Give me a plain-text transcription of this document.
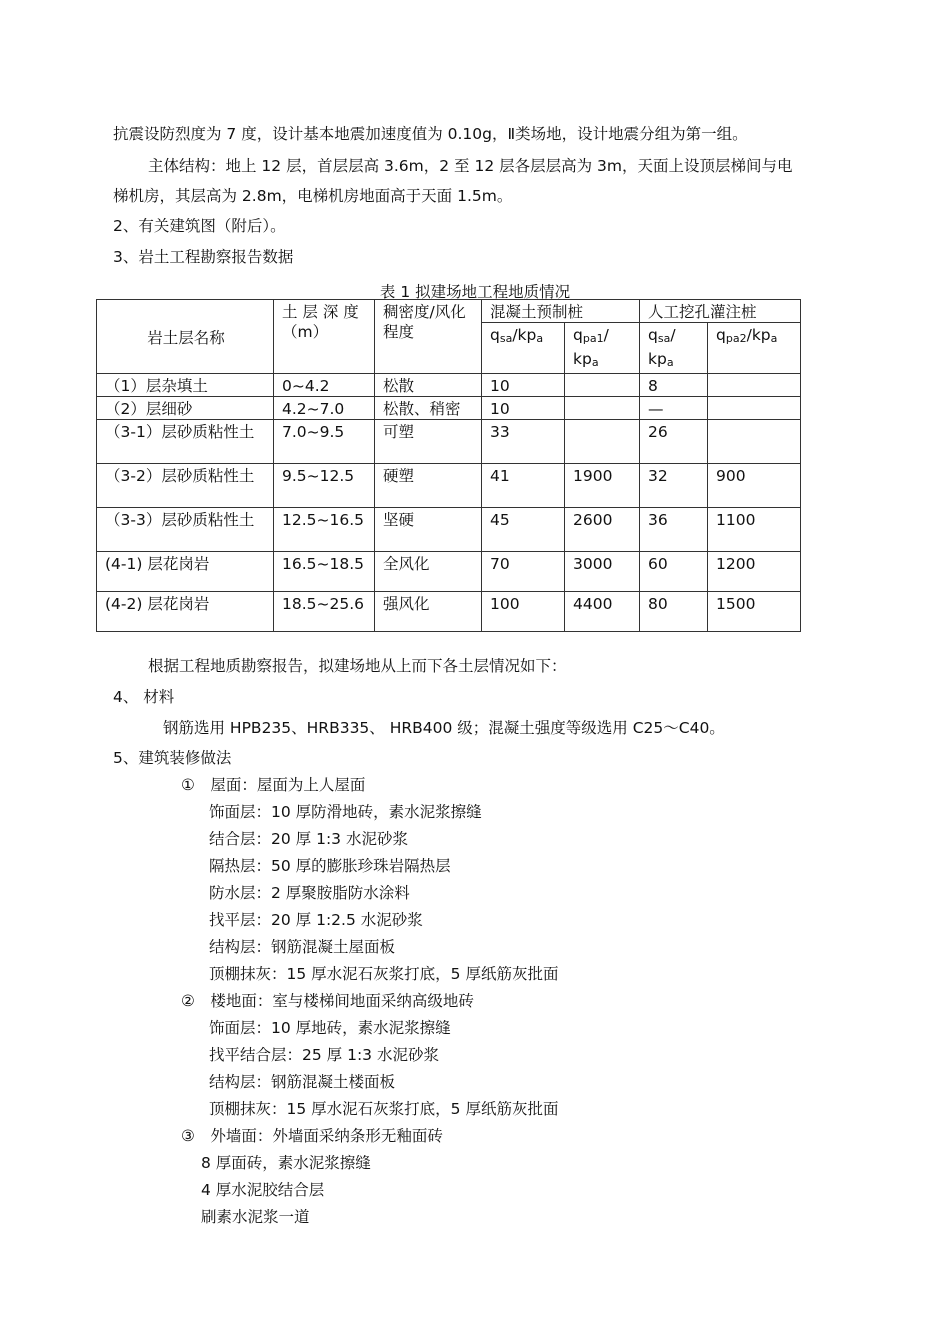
抗震设防烈度为 7 度，设计基本地震加速度值为 0.10g，Ⅱ类场地，设计地震分组为第一组。
主体结构：地上 12 层，首层层高 3.6m，2 至 12 层各层层高为 3m，天面上设顶层梯间与电
梯机房，其层高为 2.8m，电梯机房地面高于天面 1.5m。
2、有关建筑图（附后）。
3、岩土工程勘察报告数据
表 1 拟建场地工程地质情况
岩土层名称	土 层 深 度（m）	稠密度/风化程度	混凝土预制桩		人工挖孔灌注桩	
			qsa/kpa	qpa1/
kpa	qsa/
kpa	qpa2/kpa
（1）层杂填土	0~4.2	松散	10		8	
（2）层细砂	4.2~7.0	松散、稍密	10		—	
（3-1）层砂质粘性土	7.0~9.5	可塑	33		26	
（3-2）层砂质粘性土	9.5~12.5	硬塑	41	1900	32	900
（3-3）层砂质粘性土	12.5~16.5	坚硬	45	2600	36	1100
(4-1) 层花岗岩	16.5~18.5	全风化	70	3000	60	1200
(4-2) 层花岗岩	18.5~25.6	强风化	100	4400	80	1500
根据工程地质勘察报告，拟建场地从上而下各土层情况如下：
4、 材料
钢筋选用 HPB235、HRB335、 HRB400 级；混凝土强度等级选用 C25～C40。
5、建筑装修做法
①　屋面：屋面为上人屋面
饰面层：10 厚防滑地砖，素水泥浆擦缝
结合层：20 厚 1:3 水泥砂浆
隔热层：50 厚的膨胀珍珠岩隔热层
防水层：2 厚聚胺脂防水涂料
找平层：20 厚 1:2.5 水泥砂浆
结构层：钢筋混凝土屋面板
顶棚抹灰：15 厚水泥石灰浆打底，5 厚纸筋灰批面
②　楼地面：室与楼梯间地面采纳高级地砖
饰面层：10 厚地砖，素水泥浆擦缝
找平结合层：25 厚 1:3 水泥砂浆
结构层：钢筋混凝土楼面板
顶棚抹灰：15 厚水泥石灰浆打底，5 厚纸筋灰批面
③　外墙面：外墙面采纳条形无釉面砖
8 厚面砖，素水泥浆擦缝
4 厚水泥胶结合层
刷素水泥浆一道
